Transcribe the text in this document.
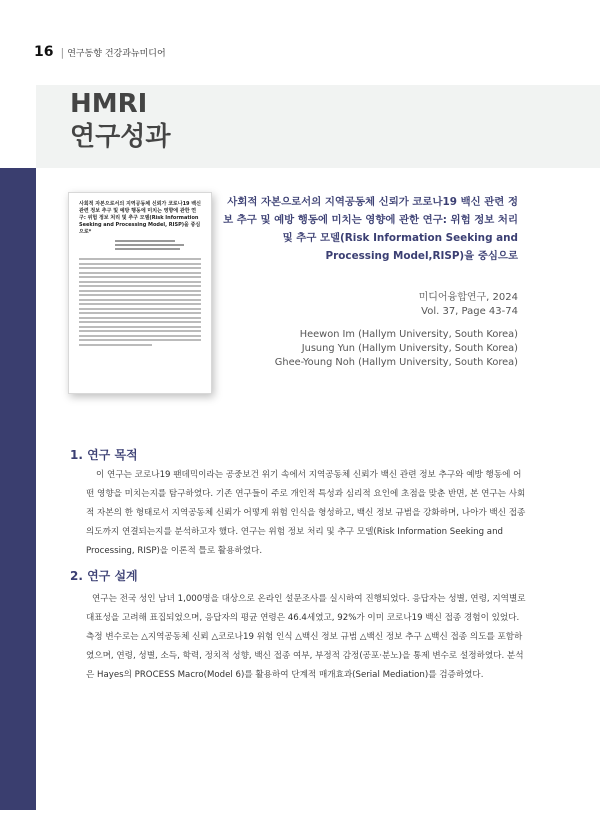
16 | 연구동향 건강과뉴미디어
HMRI
연구성과
사회적 자본으로서의 지역공동체 신뢰가 코로나19 백신 관련 정보 추구 및 예방 행동에 미치는 영향에 관한 연구: 위험 정보 처리 및 추구 모델(Risk Information Seeking and Processing Model, RISP)을 중심으로*
사회적 자본으로서의 지역공동체 신뢰가 코로나19 백신 관련 정보 추구 및 예방 행동에 미치는 영향에 관한 연구: 위험 정보 처리 및 추구 모델(Risk Information Seeking and Processing Model,RISP)을 중심으로
미디어융합연구, 2024
Vol. 37, Page 43-74
Heewon Im (Hallym University, South Korea)
Jusung Yun (Hallym University, South Korea)
Ghee-Young Noh (Hallym University, South Korea)
1. 연구 목적

이 연구는 코로나19 팬데믹이라는 공중보건 위기 속에서 지역공동체 신뢰가 백신 관련 정보 추구와 예방 행동에 어떤 영향을 미치는지를 탐구하였다. 기존 연구들이 주로 개인적 특성과 심리적 요인에 초점을 맞춘 반면, 본 연구는 사회적 자본의 한 형태로서 지역공동체 신뢰가 어떻게 위험 인식을 형성하고, 백신 정보 규범을 강화하며, 나아가 백신 접종 의도까지 연결되는지를 분석하고자 했다. 연구는 위험 정보 처리 및 추구 모델(Risk Information Seeking and Processing, RISP)을 이론적 틀로 활용하였다.

2. 연구 설계

연구는 전국 성인 남녀 1,000명을 대상으로 온라인 설문조사를 실시하여 진행되었다. 응답자는 성별, 연령, 지역별로 대표성을 고려해 표집되었으며, 응답자의 평균 연령은 46.4세였고, 92%가 이미 코로나19 백신 접종 경험이 있었다.

측정 변수로는 △지역공동체 신뢰 △코로나19 위험 인식 △백신 정보 규범 △백신 정보 추구 △백신 접종 의도를 포함하였으며, 연령, 성별, 소득, 학력, 정치적 성향, 백신 접종 여부, 부정적 감정(공포·분노)을 통제 변수로 설정하였다. 분석은 Hayes의 PROCESS Macro(Model 6)를 활용하여 단계적 매개효과(Serial Mediation)를 검증하였다.
